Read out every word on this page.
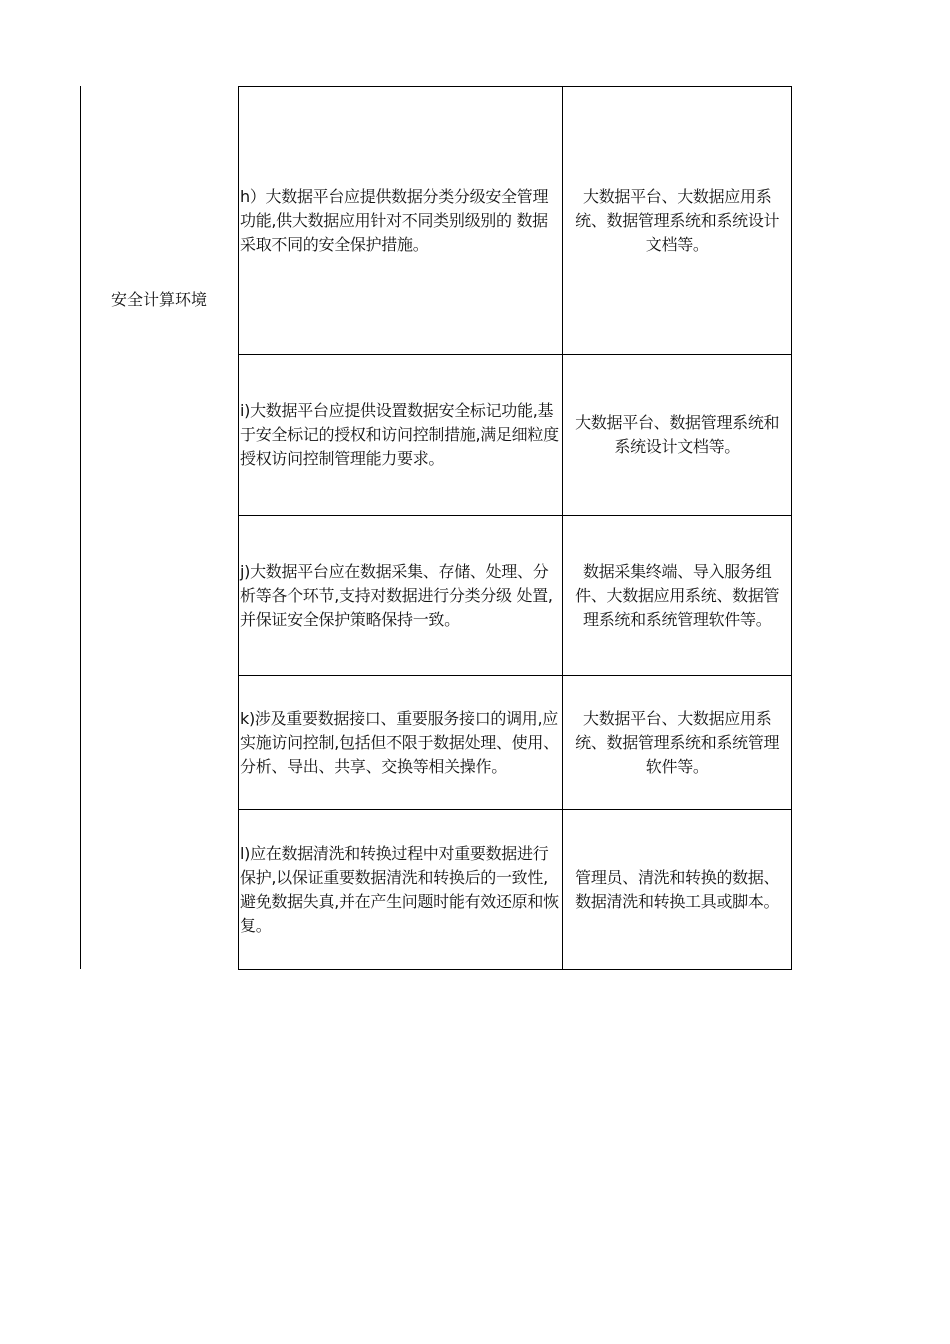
安全计算环境
h）大数据平台应提供数据分类分级安全管理功能,供大数据应用针对不同类别级别的 数据采取不同的安全保护措施。
大数据平台、大数据应用系统、数据管理系统和系统设计文档等。
i)大数据平台应提供设置数据安全标记功能,基于安全标记的授权和访问控制措施,满足细粒度授权访问控制管理能力要求。
大数据平台、数据管理系统和系统设计文档等。
j)大数据平台应在数据采集、存储、处理、分析等各个环节,支持对数据进行分类分级 处置,并保证安全保护策略保持一致。
数据采集终端、导入服务组件、大数据应用系统、数据管理系统和系统管理软件等。
k)涉及重要数据接口、重要服务接口的调用,应实施访问控制,包括但不限于数据处理、使用、分析、导出、共享、交换等相关操作。
大数据平台、大数据应用系统、数据管理系统和系统管理软件等。
l)应在数据清洗和转换过程中对重要数据进行保护,以保证重要数据清洗和转换后的一致性,避免数据失真,并在产生问题时能有效还原和恢复。
管理员、清洗和转换的数据、数据清洗和转换工具或脚本。
